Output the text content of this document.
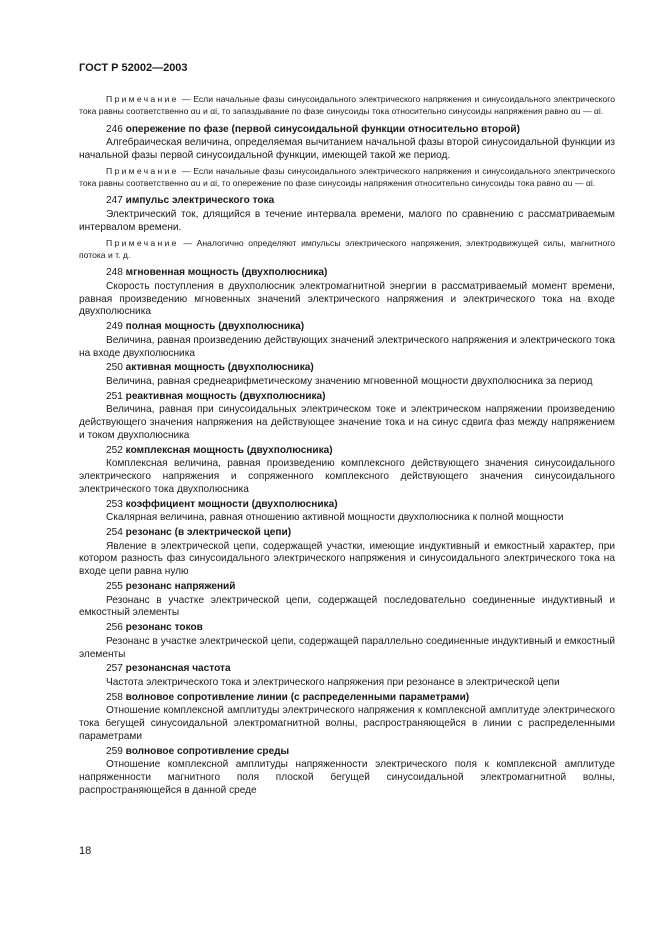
ГОСТ Р 52002—2003
Примечание — Если начальные фазы синусоидального электрического напряжения и синусоидального электрического тока равны соответственно αu и αi, то запаздывание по фазе синусоиды тока относительно синусоиды напряжения равно αu — αi.
246 опережение по фазе (первой синусоидальной функции относительно второй)
Алгебраическая величина, определяемая вычитанием начальной фазы второй синусоидальной функции из начальной фазы первой синусоидальной функции, имеющей такой же период.
Примечание — Если начальные фазы синусоидального электрического напряжения и синусоидального электрического тока равны соответственно αu и αi, то опережение по фазе синусоиды напряжения относительно синусоиды тока равно αu — αi.
247 импульс электрического тока
Электрический ток, длящийся в течение интервала времени, малого по сравнению с рассматриваемым интервалом времени.
Примечание — Аналогично определяют импульсы электрического напряжения, электродвижущей силы, магнитного потока и т. д.
248 мгновенная мощность (двухполюсника)
Скорость поступления в двухполюсник электромагнитной энергии в рассматриваемый момент времени, равная произведению мгновенных значений электрического напряжения и электрического тока на входе двухполюсника
249 полная мощность (двухполюсника)
Величина, равная произведению действующих значений электрического напряжения и электрического тока на входе двухполюсника
250 активная мощность (двухполюсника)
Величина, равная среднеарифметическому значению мгновенной мощности двухполюсника за период
251 реактивная мощность (двухполюсника)
Величина, равная при синусоидальных электрическом токе и электрическом напряжении произведению действующего значения напряжения на действующее значение тока и на синус сдвига фаз между напряжением и током двухполюсника
252 комплексная мощность (двухполюсника)
Комплексная величина, равная произведению комплексного действующего значения синусоидального электрического напряжения и сопряженного комплексного действующего значения синусоидального электрического тока двухполюсника
253 коэффициент мощности (двухполюсника)
Скалярная величина, равная отношению активной мощности двухполюсника к полной мощности
254 резонанс (в электрической цепи)
Явление в электрической цепи, содержащей участки, имеющие индуктивный и емкостный характер, при котором разность фаз синусоидального электрического напряжения и синусоидального электрического тока на входе цепи равна нулю
255 резонанс напряжений
Резонанс в участке электрической цепи, содержащей последовательно соединенные индуктивный и емкостный элементы
256 резонанс токов
Резонанс в участке электрической цепи, содержащей параллельно соединенные индуктивный и емкостный элементы
257 резонансная частота
Частота электрического тока и электрического напряжения при резонансе в электрической цепи
258 волновое сопротивление линии (с распределенными параметрами)
Отношение комплексной амплитуды электрического напряжения к комплексной амплитуде электрического тока бегущей синусоидальной электромагнитной волны, распространяющейся в линии с распределенными параметрами
259 волновое сопротивление среды
Отношение комплексной амплитуды напряженности электрического поля к комплексной амплитуде напряженности магнитного поля плоской бегущей синусоидальной электромагнитной волны, распространяющейся в данной среде
18
